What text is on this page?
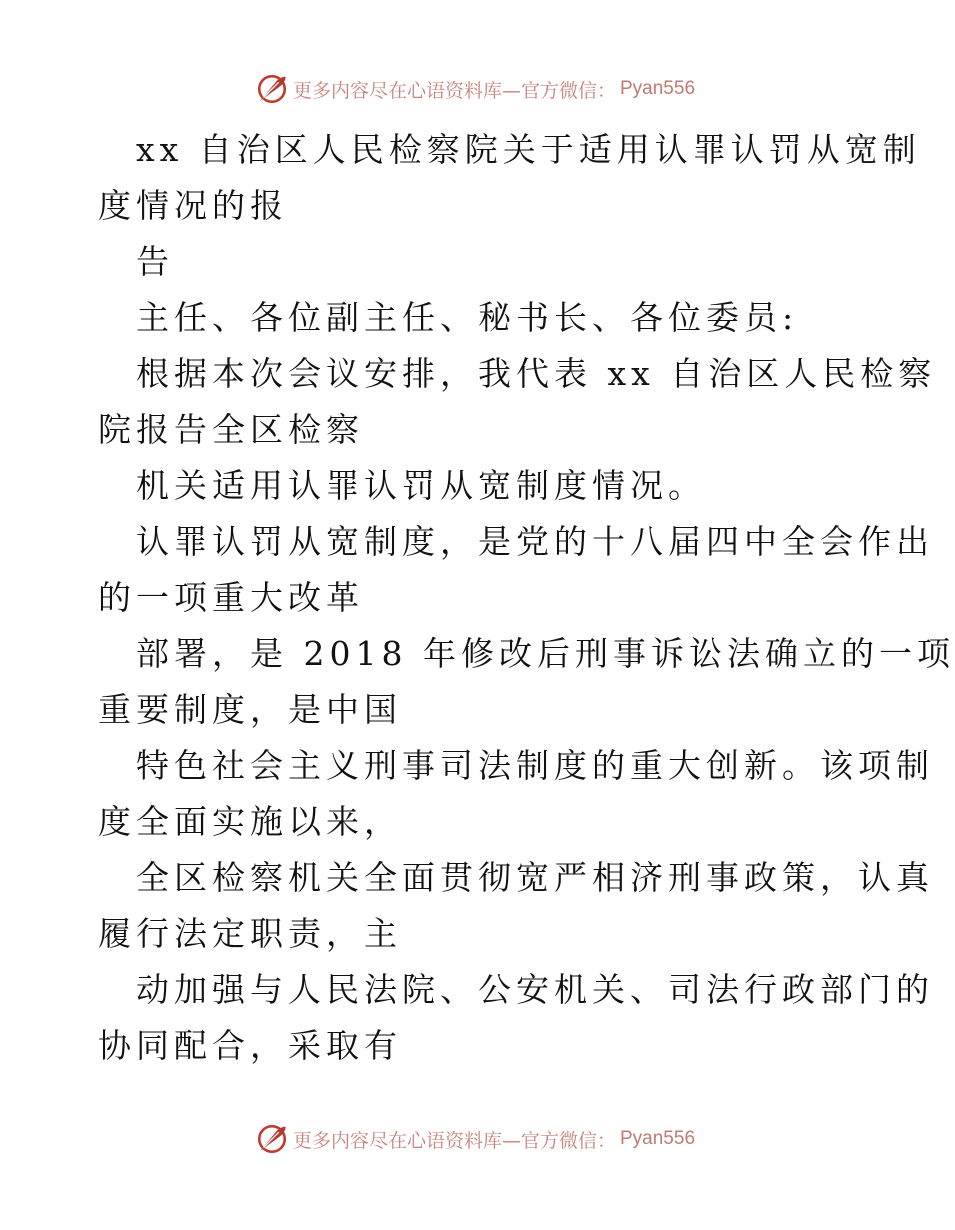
更多内容尽在心语资料库—官方微信： Pyan556
xx 自治区人民检察院关于适用认罪认罚从宽制
度情况的报
告
主任、各位副主任、秘书长、各位委员:
根据本次会议安排，我代表 xx 自治区人民检察
院报告全区检察
机关适用认罪认罚从宽制度情况。
认罪认罚从宽制度，是党的十八届四中全会作出
的一项重大改革
部署，是 2018 年修改后刑事诉讼法确立的一项
重要制度，是中国
特色社会主义刑事司法制度的重大创新。该项制
度全面实施以来，
全区检察机关全面贯彻宽严相济刑事政策，认真
履行法定职责，主
动加强与人民法院、公安机关、司法行政部门的
协同配合，采取有
更多内容尽在心语资料库—官方微信： Pyan556
